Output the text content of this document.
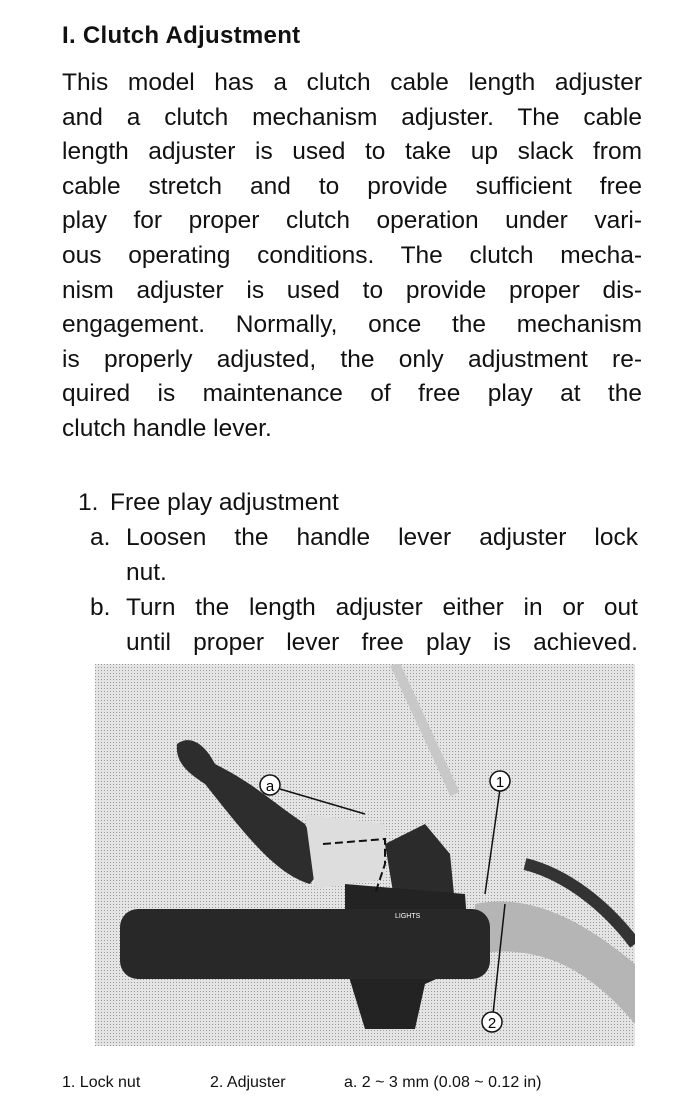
I. Clutch Adjustment
This model has a clutch cable length adjuster
and a clutch mechanism adjuster. The cable
length adjuster is used to take up slack from
cable stretch and to provide sufficient free
play for proper clutch operation under vari-
ous operating conditions. The clutch mecha-
nism adjuster is used to provide proper dis-
engagement. Normally, once the mechanism
is properly adjusted, the only adjustment re-
quired is maintenance of free play at the
clutch handle lever.
1. Free play adjustment
a. Loosen the handle lever adjuster lock
nut.
b. Turn the length adjuster either in or out
until proper lever free play is achieved.
LIGHTS
a	1
2
1. Lock nut	2. Adjuster	a. 2 ~ 3 mm (0.08 ~ 0.12 in)
